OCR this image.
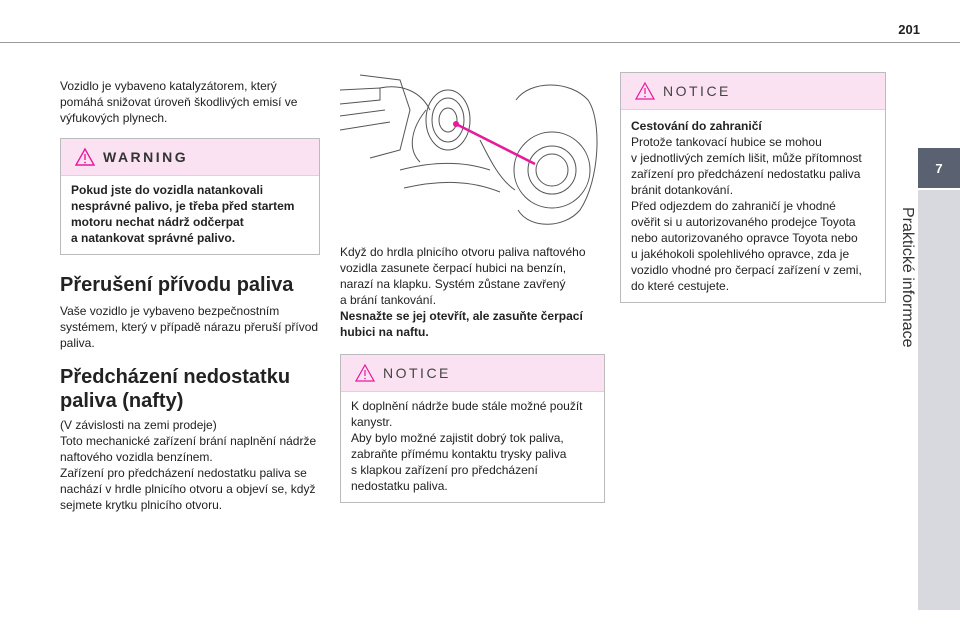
201
7
Praktické informace

Vozidlo je vybaveno katalyzátorem, který

pomáhá snižovat úroveň škodlivých emisí ve

výfukových plynech.

WARNING

Pokud jste do vozidla natankovali

nesprávné palivo, je třeba před startem

motoru nechat nádrž odčerpat

a natankovat správné palivo.

Přerušení přívodu paliva

Vaše vozidlo je vybaveno bezpečnostním

systémem, který v případě nárazu přeruší přívod

paliva.

Předcházení nedostatku
paliva (nafty)

(V závislosti na zemi prodeje)

Toto mechanické zařízení brání naplnění nádrže

naftového vozidla benzínem.

Zařízení pro předcházení nedostatku paliva se

nachází v hrdle plnicího otvoru a objeví se, když

sejmete krytku plnicího otvoru.

Když do hrdla plnicího otvoru paliva naftového

vozidla zasunete čerpací hubici na benzín,

narazí na klapku. Systém zůstane zavřený

a brání tankování.

Nesnažte se jej otevřít, ale zasuňte čerpací

hubici na naftu.

NOTICE

K doplnění nádrže bude stále možné použít

kanystr.

Aby bylo možné zajistit dobrý tok paliva,

zabraňte přímému kontaktu trysky paliva

s klapkou zařízení pro předcházení

nedostatku paliva.

NOTICE

Cestování do zahraničí

Protože tankovací hubice se mohou

v jednotlivých zemích lišit, může přítomnost

zařízení pro předcházení nedostatku paliva

bránit dotankování.

Před odjezdem do zahraničí je vhodné

ověřit si u autorizovaného prodejce Toyota

nebo autorizovaného opravce Toyota nebo

u jakéhokoli spolehlivého opravce, zda je

vozidlo vhodné pro čerpací zařízení v zemi,

do které cestujete.
